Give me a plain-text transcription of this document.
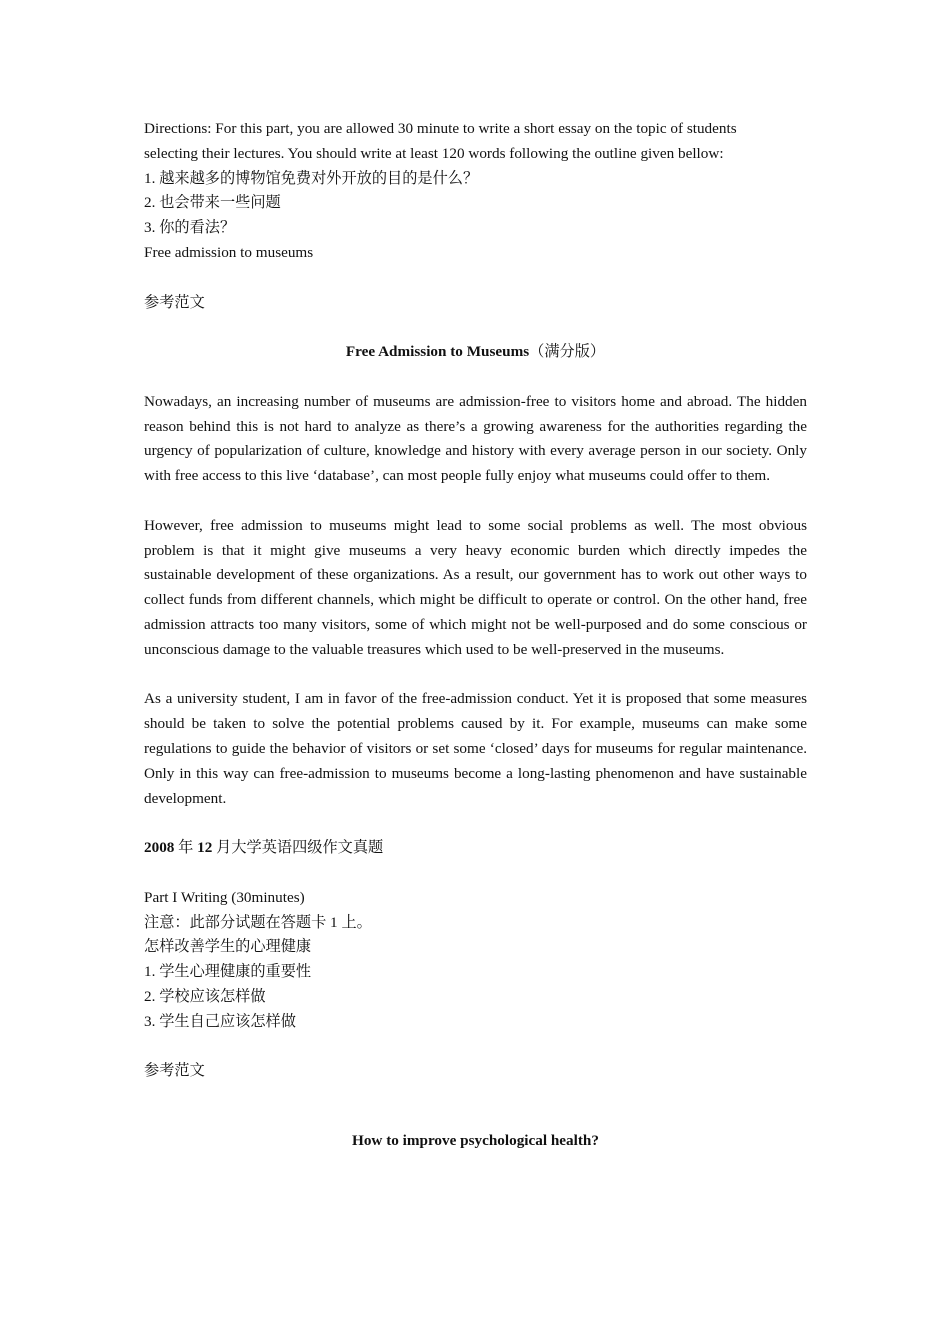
Directions: For this part, you are allowed 30 minute to write a short essay on the topic of students
selecting their lectures. You should write at least 120 words following the outline given bellow:
1. 越来越多的博物馆免费对外开放的目的是什么？
2. 也会带来一些问题
3. 你的看法？
Free admission to museums
参考范文
Free Admission to Museums（满分版）
Nowadays, an increasing number of museums are admission-free to visitors home and abroad. The hidden reason behind this is not hard to analyze as there’s a growing awareness for the authorities regarding the urgency of popularization of culture, knowledge and history with every average person in our society. Only with free access to this live ‘database’, can most people fully enjoy what museums could offer to them.
However, free admission to museums might lead to some social problems as well. The most obvious problem is that it might give museums a very heavy economic burden which directly impedes the sustainable development of these organizations. As a result, our government has to work out other ways to collect funds from different channels, which might be difficult to operate or control. On the other hand, free admission attracts too many visitors, some of which might not be well-purposed and do some conscious or unconscious damage to the valuable treasures which used to be well-preserved in the museums.
As a university student, I am in favor of the free-admission conduct. Yet it is proposed that some measures should be taken to solve the potential problems caused by it. For example, museums can make some regulations to guide the behavior of visitors or set some ‘closed’ days for museums for regular maintenance. Only in this way can free-admission to museums become a long-lasting phenomenon and have sustainable development.
2008 年 12 月大学英语四级作文真题
Part I Writing (30minutes)
注意：此部分试题在答题卡 1 上。
怎样改善学生的心理健康
1. 学生心理健康的重要性
2. 学校应该怎样做
3. 学生自己应该怎样做
参考范文
How to improve psychological health?
